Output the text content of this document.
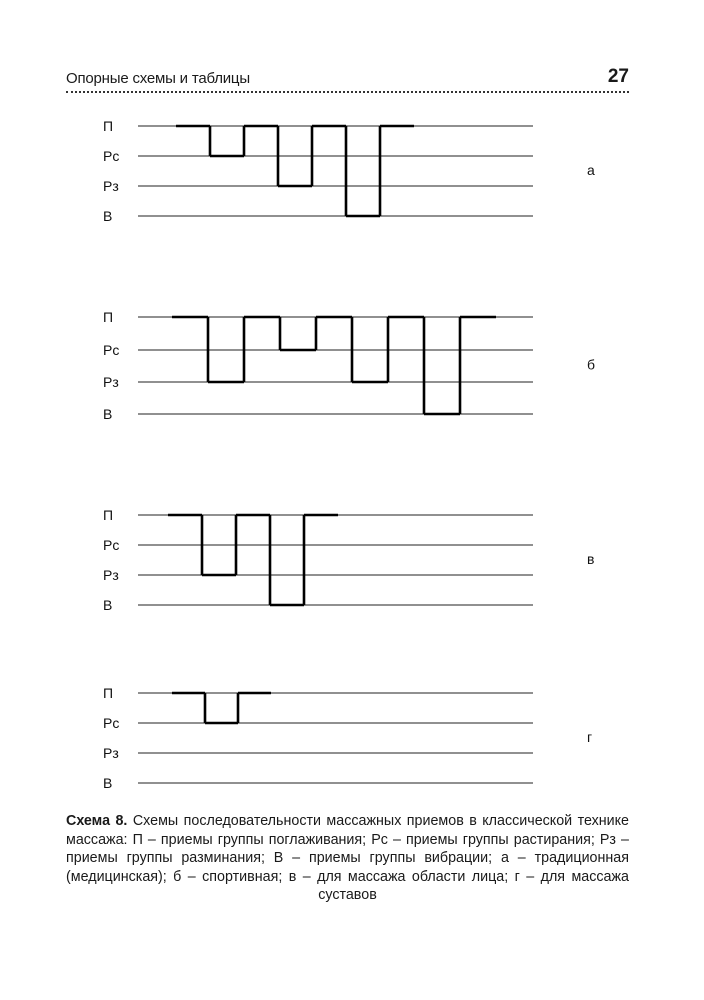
Опорные схемы и таблицы	27
П
Рс
Рз
В
а
П
Рс
Рз
В
б
П
Рс
Рз
В
в
П
Рс
Рз
В
г
Схема 8. Схемы последовательности массажных приемов в классической технике массажа: П – приемы группы поглаживания; Рс – приемы группы растирания; Рз – приемы группы разминания; В – приемы группы вибрации; а – традиционная (медицинская); б – спортивная; в – для массажа области лица; г – для массажа суставов
